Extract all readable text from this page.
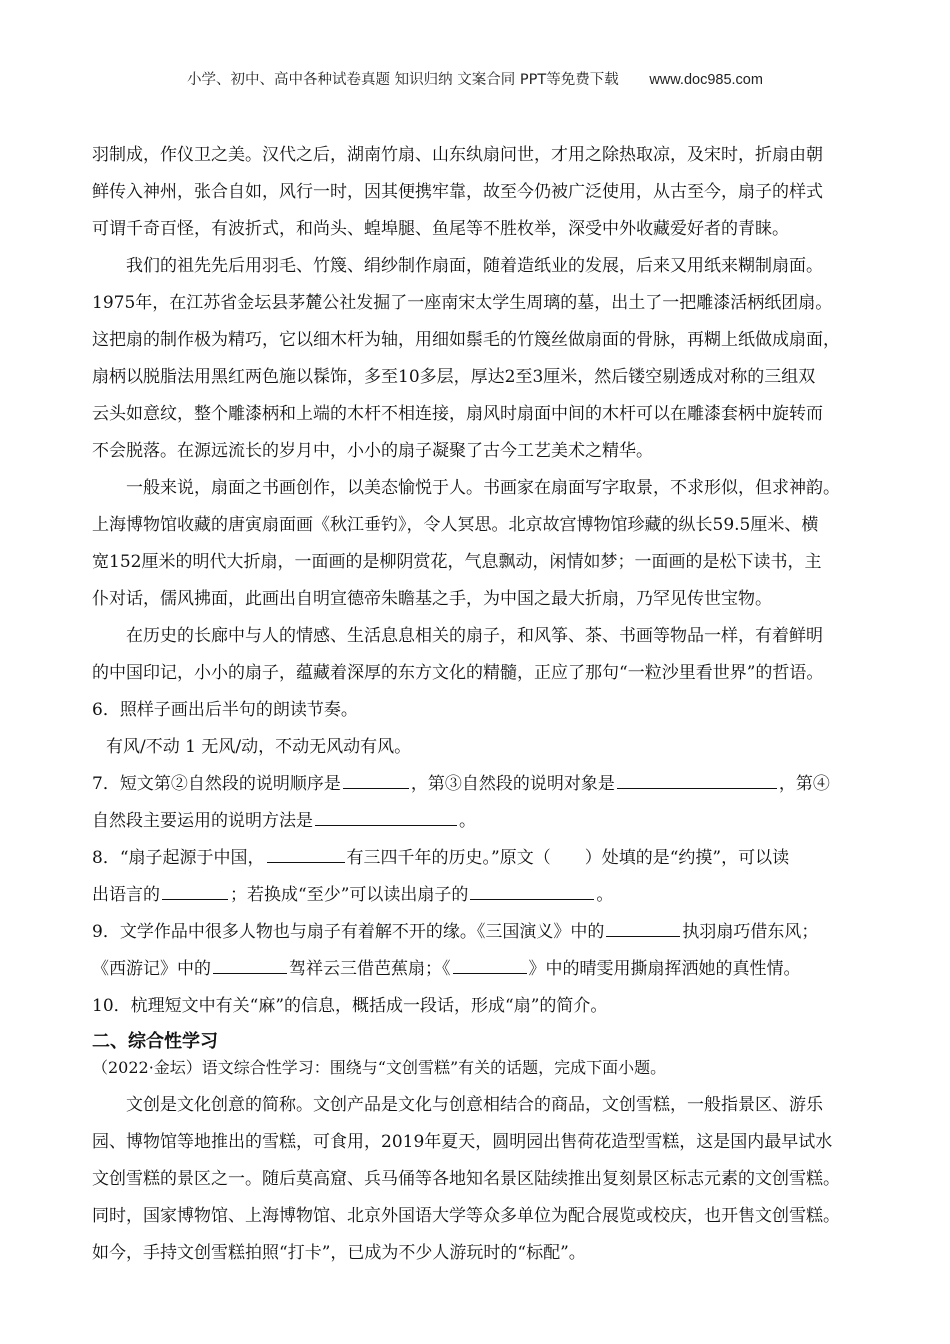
小学、初中、高中各种试卷真题 知识归纳 文案合同 PPT等免费下载 www.doc985.com

羽制成，作仪卫之美。汉代之后，湖南竹扇、山东纨扇问世，才用之除热取凉，及宋时，折扇由朝

鲜传入神州，张合自如，风行一时，因其便携牢靠，故至今仍被广泛使用，从古至今，扇子的样式

可谓千奇百怪，有波折式，和尚头、蝗埠腿、鱼尾等不胜枚举，深受中外收藏爱好者的青睐。

我们的祖先先后用羽毛、竹篾、绢纱制作扇面，随着造纸业的发展，后来又用纸来糊制扇面。

1975年，在江苏省金坛县茅麓公社发掘了一座南宋太学生周璃的墓，出土了一把雕漆活柄纸团扇。

这把扇的制作极为精巧，它以细木杆为轴，用细如鬃毛的竹篾丝做扇面的骨脉，再糊上纸做成扇面，

扇柄以脱脂法用黑红两色施以髹饰，多至10多层，厚达2至3厘米，然后镂空剔透成对称的三组双

云头如意纹，整个雕漆柄和上端的木杆不相连接，扇风时扇面中间的木杆可以在雕漆套柄中旋转而

不会脱落。在源远流长的岁月中，小小的扇子凝聚了古今工艺美术之精华。

一般来说，扇面之书画创作，以美态愉悦于人。书画家在扇面写字取景，不求形似，但求神韵。

上海博物馆收藏的唐寅扇面画《秋江垂钓》，令人冥思。北京故宫博物馆珍藏的纵长59.5厘米、横

宽152厘米的明代大折扇，一面画的是柳阴赏花，气息飘动，闲情如梦；一面画的是松下读书，主

仆对话，儒风拂面，此画出自明宣德帝朱瞻基之手，为中国之最大折扇，乃罕见传世宝物。

在历史的长廊中与人的情感、生活息息相关的扇子，和风筝、茶、书画等物品一样，有着鲜明

的中国印记，小小的扇子，蕴藏着深厚的东方文化的精髓，正应了那句“一粒沙里看世界”的哲语。

6．照样子画出后半句的朗读节奏。

有风/不动 1 无风/动，不动无风动有风。

7．短文第②自然段的说明顺序是	，第③自然段的说明对象是	，第④

自然段主要运用的说明方法是	。

8．“扇子起源于中国，	有三四千年的历史。”原文（ ）处填的是“约摸”，可以读

出语言的	；若换成“至少”可以读出扇子的	。

9．文学作品中很多人物也与扇子有着解不开的缘。《三国演义》中的	执羽扇巧借东风；

《西游记》中的	驾祥云三借芭蕉扇；《	》中的晴雯用撕扇挥洒她的真性情。

10．杭理短文中有关“麻”的信息，概括成一段话，形成“扇”的简介。

二、综合性学习

（2022·金坛）语文综合性学习：围绕与“文创雪糕”有关的话题，完成下面小题。

文创是文化创意的简称。文创产品是文化与创意相结合的商品，文创雪糕，一般指景区、游乐

园、博物馆等地推出的雪糕，可食用，2019年夏天，圆明园出售荷花造型雪糕，这是国内最早试水

文创雪糕的景区之一。随后莫高窟、兵马俑等各地知名景区陆续推出复刻景区标志元素的文创雪糕。

同时，国家博物馆、上海博物馆、北京外国语大学等众多单位为配合展览或校庆，也开售文创雪糕。

如今，手持文创雪糕拍照“打卡”，已成为不少人游玩时的“标配”。
